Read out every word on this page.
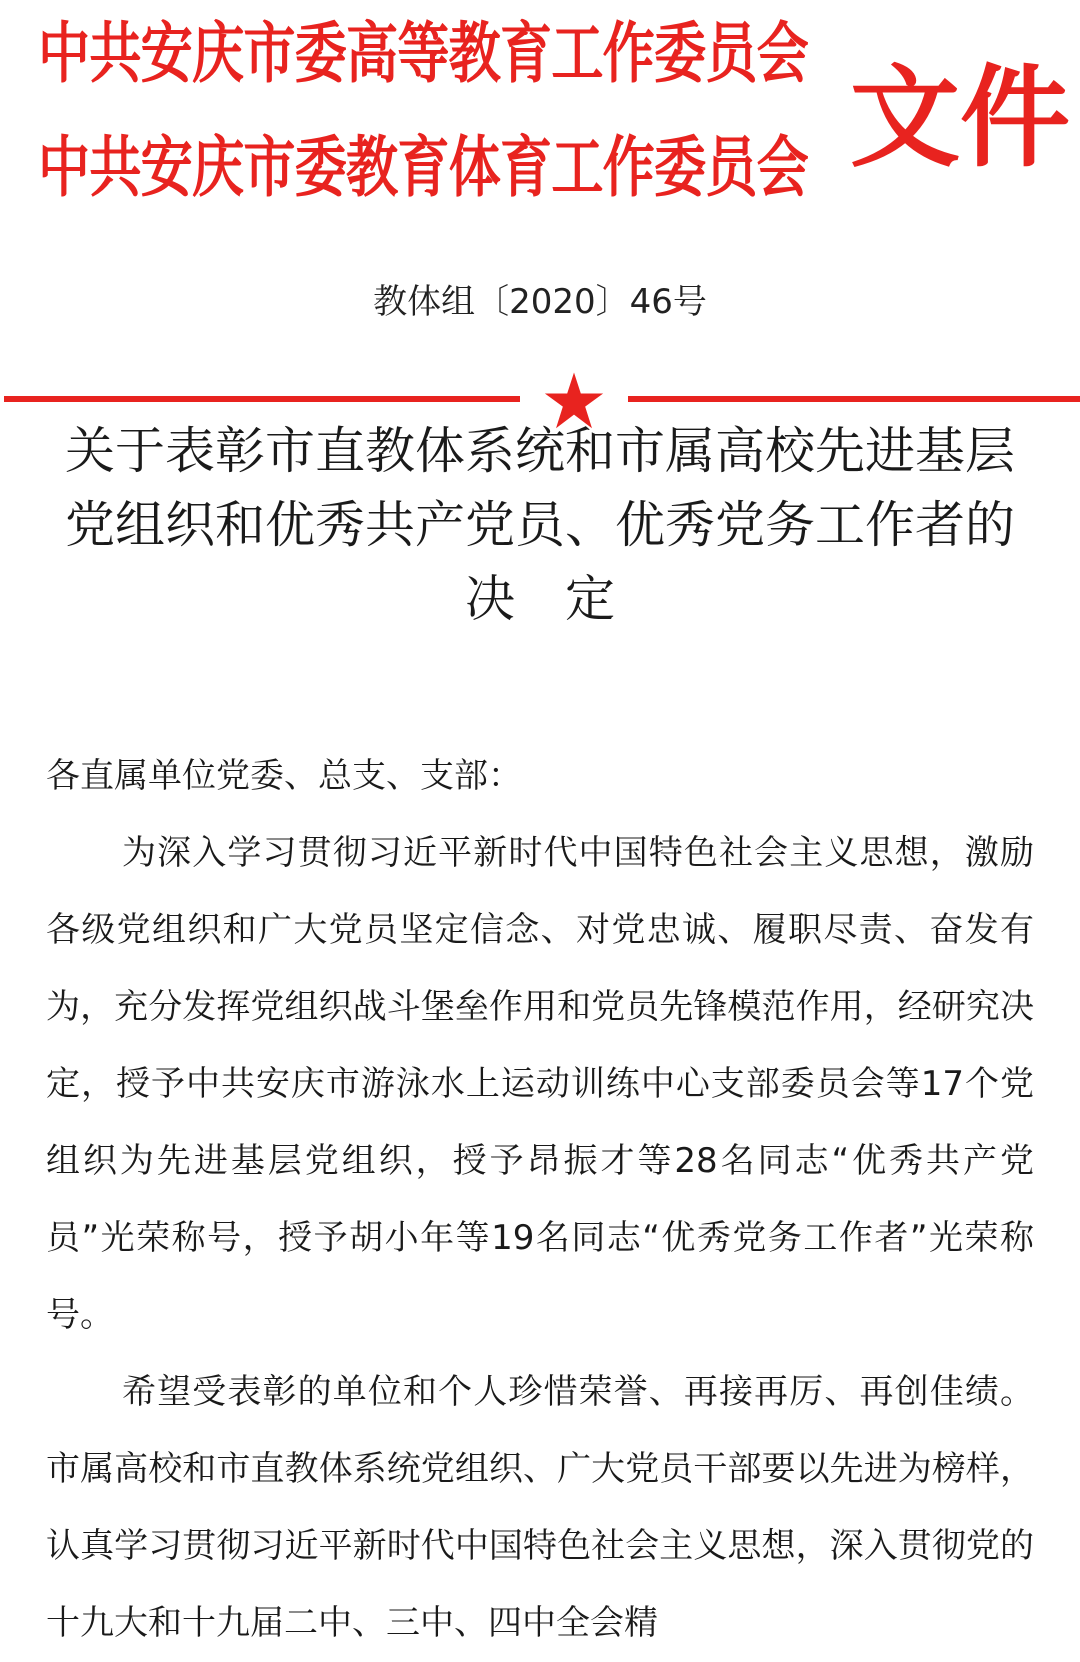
中共安庆市委高等教育工作委员会
中共安庆市委教育体育工作委员会 文件
教体组〔2020〕46号
关于表彰市直教体系统和市属高校先进基层
党组织和优秀共产党员、优秀党务工作者的
决　定

各直属单位党委、总支、支部：

为深入学习贯彻习近平新时代中国特色社会主义思想，激励各级党组织和广大党员坚定信念、对党忠诚、履职尽责、奋发有为，充分发挥党组织战斗堡垒作用和党员先锋模范作用，经研究决定，授予中共安庆市游泳水上运动训练中心支部委员会等17个党组织为先进基层党组织，授予昂振才等28名同志“优秀共产党员”光荣称号，授予胡小年等19名同志“优秀党务工作者”光荣称号。

希望受表彰的单位和个人珍惜荣誉、再接再厉、再创佳绩。市属高校和市直教体系统党组织、广大党员干部要以先进为榜样，认真学习贯彻习近平新时代中国特色社会主义思想，深入贯彻党的十九大和十九届二中、三中、四中全会精
